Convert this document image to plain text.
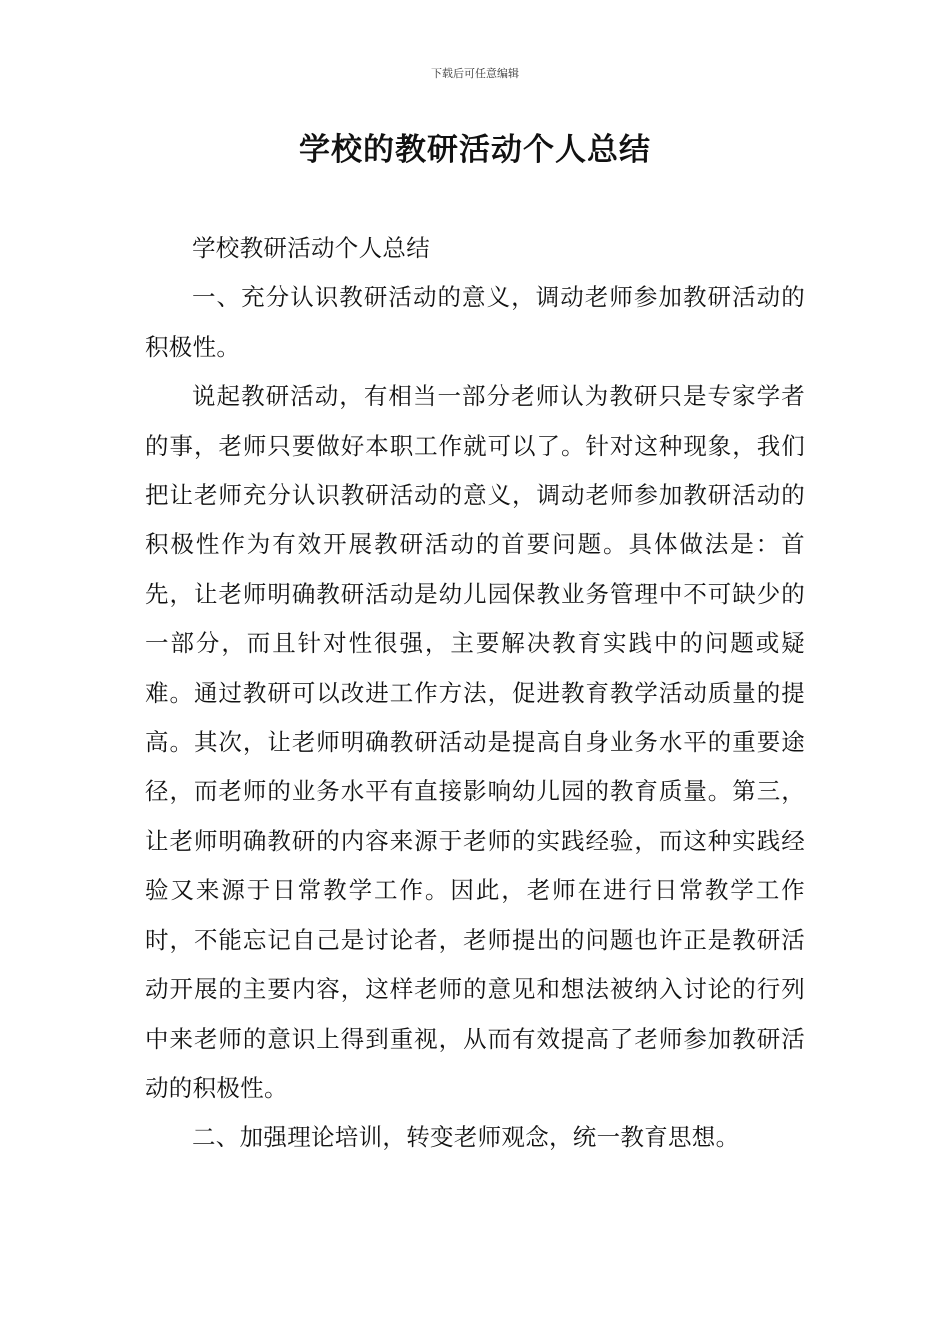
下载后可任意编辑
学校的教研活动个人总结

学校教研活动个人总结

一、充分认识教研活动的意义，调动老师参加教研活动的积极性。

说起教研活动，有相当一部分老师认为教研只是专家学者的事，老师只要做好本职工作就可以了。针对这种现象，我们把让老师充分认识教研活动的意义，调动老师参加教研活动的积极性作为有效开展教研活动的首要问题。具体做法是：首先，让老师明确教研活动是幼儿园保教业务管理中不可缺少的一部分，而且针对性很强，主要解决教育实践中的问题或疑难。通过教研可以改进工作方法，促进教育教学活动质量的提高。其次，让老师明确教研活动是提高自身业务水平的重要途径，而老师的业务水平有直接影响幼儿园的教育质量。第三，让老师明确教研的内容来源于老师的实践经验，而这种实践经验又来源于日常教学工作。因此，老师在进行日常教学工作时，不能忘记自己是讨论者，老师提出的问题也许正是教研活动开展的主要内容，这样老师的意见和想法被纳入讨论的行列中来老师的意识上得到重视，从而有效提高了老师参加教研活动的积极性。

二、加强理论培训，转变老师观念，统一教育思想。
